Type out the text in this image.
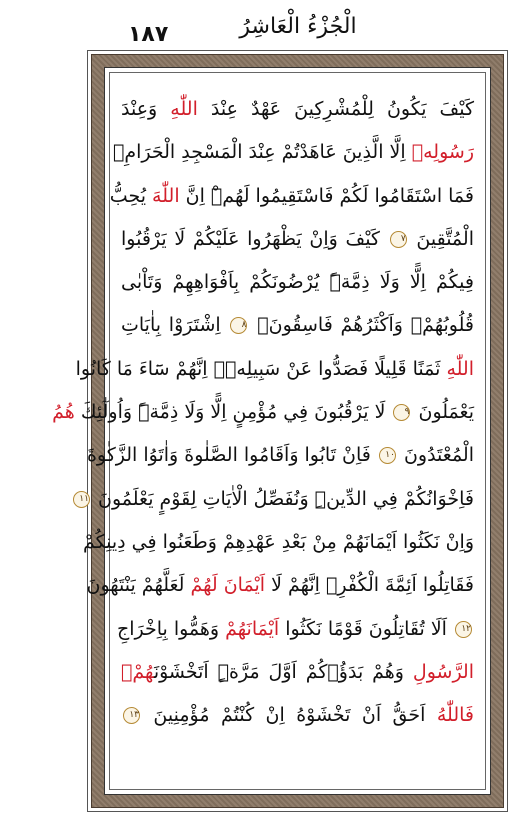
١٨٧	الْجُزْءُ الْعَاشِرُ
كَيْفَ يَكُونُ لِلْمُشْرِكِينَ عَهْدٌ عِنْدَ اللّٰهِ وَعِنْدَ
رَسُولِهٖ اِلَّا الَّذِينَ عَاهَدْتُمْ عِنْدَ الْمَسْجِدِ الْحَرَامِۚ
فَمَا اسْتَقَامُوا لَكُمْ فَاسْتَقِيمُوا لَهُمْۜ اِنَّ اللّٰهَ يُحِبُّ
الْمُتَّقِينَ ٧ كَيْفَ وَاِنْ يَظْهَرُوا عَلَيْكُمْ لَا يَرْقُبُوا
فِيكُمْ اِلًّا وَلَا ذِمَّةًۜ يُرْضُونَكُمْ بِاَفْوَاهِهِمْ وَتَاْبٰى
قُلُوبُهُمْۚ وَاَكْثَرُهُمْ فَاسِقُونَۚ ٨ اِشْتَرَوْا بِاٰيَاتِ
اللّٰهِ ثَمَنًا قَلِيلًا فَصَدُّوا عَنْ سَبِيلِهٖۜ اِنَّهُمْ سَٓاءَ مَا كَانُوا
يَعْمَلُونَ ٩ لَا يَرْقُبُونَ فِي مُؤْمِنٍ اِلًّا وَلَا ذِمَّةًۜ وَاُولٰٓئِكَ هُمُ
الْمُعْتَدُونَ ١٠ فَاِنْ تَابُوا وَاَقَامُوا الصَّلٰوةَ وَاٰتَوُا الزَّكٰوةَ
فَاِخْوَانُكُمْ فِي الدِّينِۜ وَنُفَصِّلُ الْاٰيَاتِ لِقَوْمٍ يَعْلَمُونَ ١١
وَاِنْ نَكَثُوا اَيْمَانَهُمْ مِنْ بَعْدِ عَهْدِهِمْ وَطَعَنُوا فِي دِينِكُمْ
فَقَاتِلُوا اَئِمَّةَ الْكُفْرِۙ اِنَّهُمْ لَا اَيْمَانَ لَهُمْ لَعَلَّهُمْ يَنْتَهُونَ
١٢ اَلَا تُقَاتِلُونَ قَوْمًا نَكَثُوا اَيْمَانَهُمْ وَهَمُّوا بِاِخْرَاجِ
الرَّسُولِ وَهُمْ بَدَؤُ۫كُمْ اَوَّلَ مَرَّةٍۜ اَتَخْشَوْنَهُمْۚ
فَاللّٰهُ اَحَقُّ اَنْ تَخْشَوْهُ اِنْ كُنْتُمْ مُؤْمِنِينَ ١٣
